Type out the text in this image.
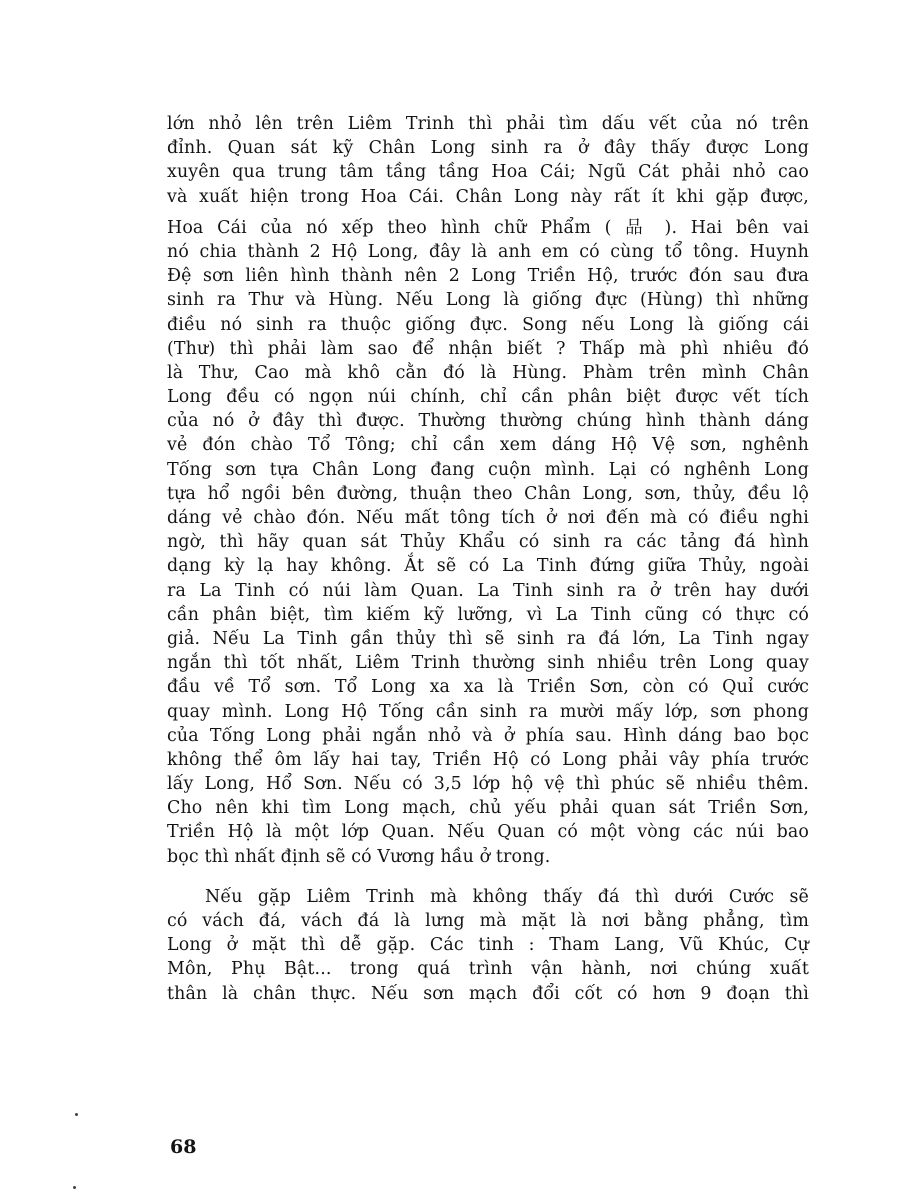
lớn nhỏ lên trên Liêm Trinh thì phải tìm dấu vết của nó trên
đỉnh. Quan sát kỹ Chân Long sinh ra ở đây thấy được Long
xuyên qua trung tâm tầng tầng Hoa Cái; Ngũ Cát phải nhỏ cao
và xuất hiện trong Hoa Cái. Chân Long này rất ít khi gặp được,
Hoa Cái của nó xếp theo hình chữ Phẩm ( 品 ). Hai bên vai
nó chia thành 2 Hộ Long, đây là anh em có cùng tổ tông. Huynh
Đệ sơn liên hình thành nên 2 Long Triền Hộ, trước đón sau đưa
sinh ra Thư và Hùng. Nếu Long là giống đực (Hùng) thì những
điều nó sinh ra thuộc giống đực. Song nếu Long là giống cái
(Thư) thì phải làm sao để nhận biết ? Thấp mà phì nhiêu đó
là Thư, Cao mà khô cằn đó là Hùng. Phàm trên mình Chân
Long đều có ngọn núi chính, chỉ cần phân biệt được vết tích
của nó ở đây thì được. Thường thường chúng hình thành dáng
vẻ đón chào Tổ Tông; chỉ cần xem dáng Hộ Vệ sơn, nghênh
Tống sơn tựa Chân Long đang cuộn mình. Lại có nghênh Long
tựa hổ ngồi bên đường, thuận theo Chân Long, sơn, thủy, đều lộ
dáng vẻ chào đón. Nếu mất tông tích ở nơi đến mà có điều nghi
ngờ, thì hãy quan sát Thủy Khẩu có sinh ra các tảng đá hình
dạng kỳ lạ hay không. Ắt sẽ có La Tinh đứng giữa Thủy, ngoài
ra La Tinh có núi làm Quan. La Tinh sinh ra ở trên hay dưới
cần phân biệt, tìm kiếm kỹ lưỡng, vì La Tinh cũng có thực có
giả. Nếu La Tinh gần thủy thì sẽ sinh ra đá lớn, La Tinh ngay
ngắn thì tốt nhất, Liêm Trinh thường sinh nhiều trên Long quay
đầu về Tổ sơn. Tổ Long xa xa là Triền Sơn, còn có Quỉ cước
quay mình. Long Hộ Tống cần sinh ra mười mấy lớp, sơn phong
của Tống Long phải ngắn nhỏ và ở phía sau. Hình dáng bao bọc
không thể ôm lấy hai tay, Triền Hộ có Long phải vây phía trước
lấy Long, Hổ Sơn. Nếu có 3,5 lớp hộ vệ thì phúc sẽ nhiều thêm.
Cho nên khi tìm Long mạch, chủ yếu phải quan sát Triền Sơn,
Triền Hộ là một lớp Quan. Nếu Quan có một vòng các núi bao
bọc thì nhất định sẽ có Vương hầu ở trong.
Nếu gặp Liêm Trinh mà không thấy đá thì dưới Cước sẽ
có vách đá, vách đá là lưng mà mặt là nơi bằng phẳng, tìm
Long ở mặt thì dễ gặp. Các tinh : Tham Lang, Vũ Khúc, Cự
Môn, Phụ Bật... trong quá trình vận hành, nơi chúng xuất
thân là chân thực. Nếu sơn mạch đổi cốt có hơn 9 đoạn thì
68
